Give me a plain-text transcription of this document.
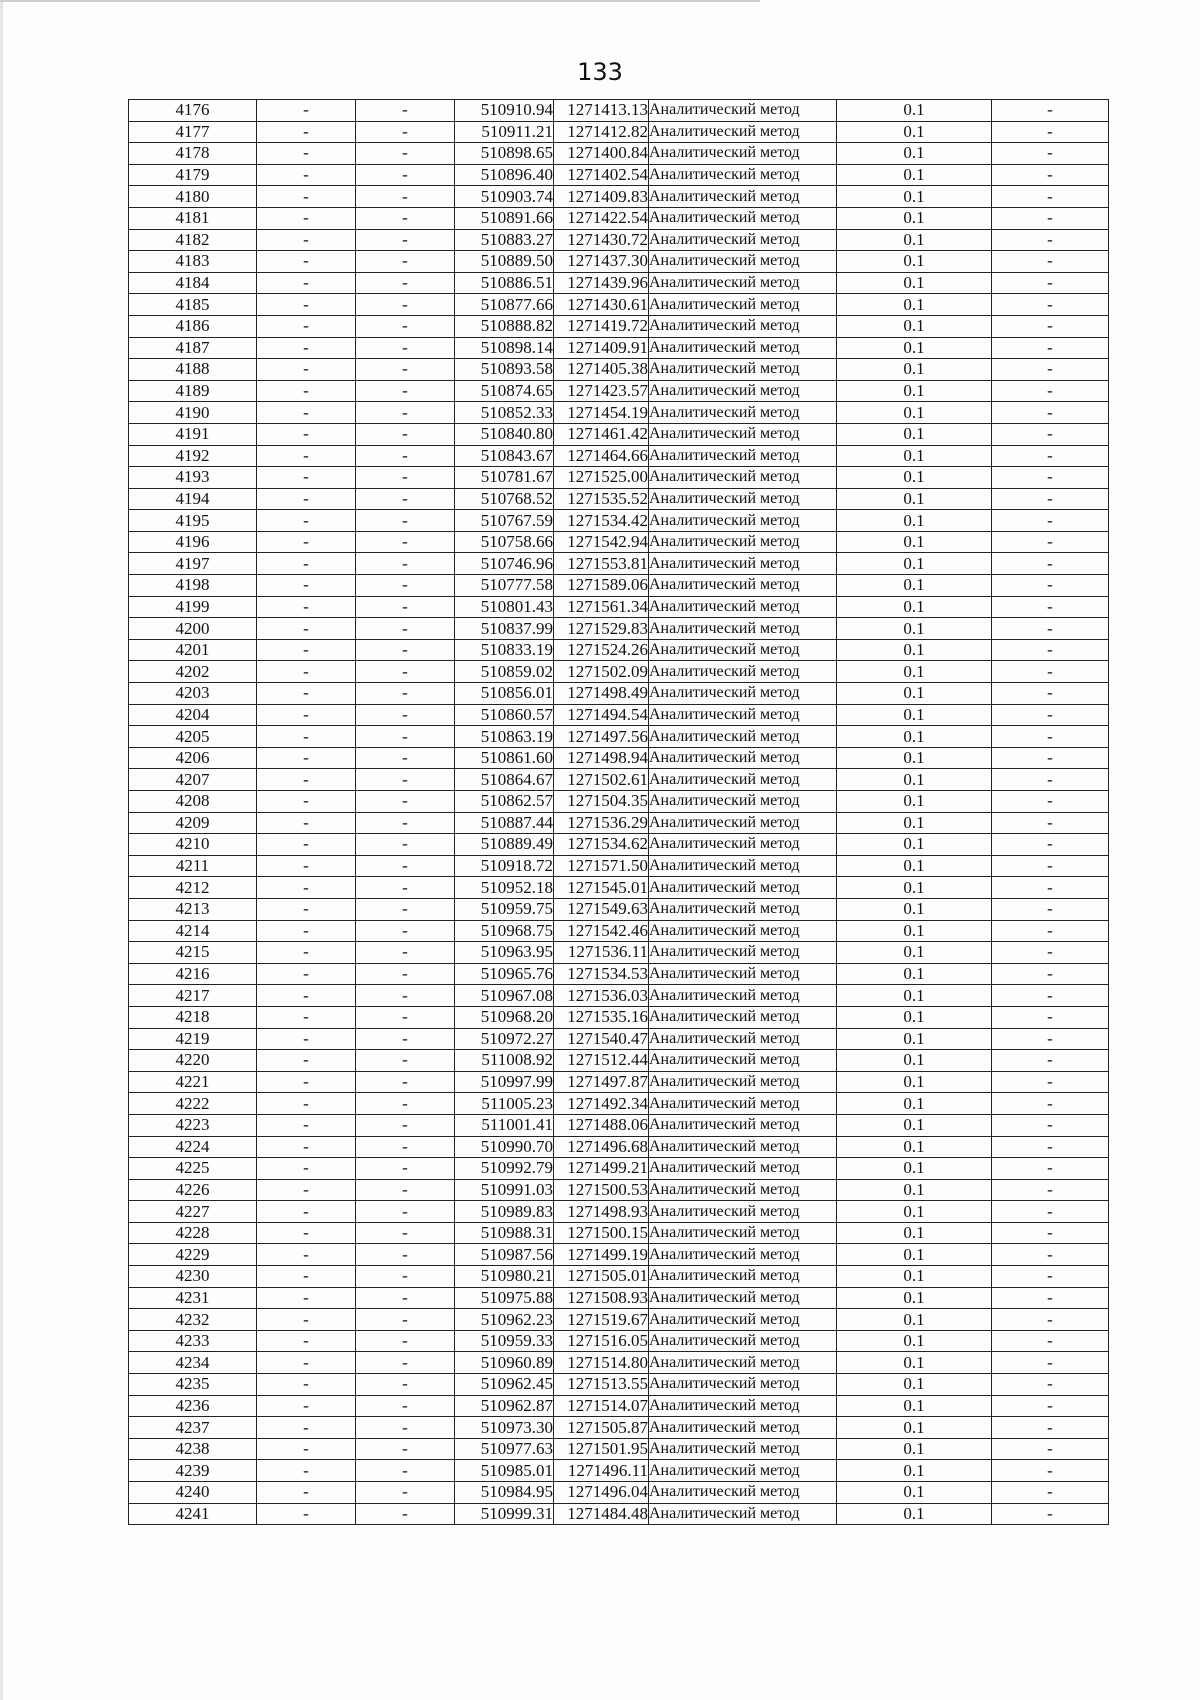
133
4176	-	-	510910.94	1271413.13	Аналитический метод	0.1	-
4177	-	-	510911.21	1271412.82	Аналитический метод	0.1	-
4178	-	-	510898.65	1271400.84	Аналитический метод	0.1	-
4179	-	-	510896.40	1271402.54	Аналитический метод	0.1	-
4180	-	-	510903.74	1271409.83	Аналитический метод	0.1	-
4181	-	-	510891.66	1271422.54	Аналитический метод	0.1	-
4182	-	-	510883.27	1271430.72	Аналитический метод	0.1	-
4183	-	-	510889.50	1271437.30	Аналитический метод	0.1	-
4184	-	-	510886.51	1271439.96	Аналитический метод	0.1	-
4185	-	-	510877.66	1271430.61	Аналитический метод	0.1	-
4186	-	-	510888.82	1271419.72	Аналитический метод	0.1	-
4187	-	-	510898.14	1271409.91	Аналитический метод	0.1	-
4188	-	-	510893.58	1271405.38	Аналитический метод	0.1	-
4189	-	-	510874.65	1271423.57	Аналитический метод	0.1	-
4190	-	-	510852.33	1271454.19	Аналитический метод	0.1	-
4191	-	-	510840.80	1271461.42	Аналитический метод	0.1	-
4192	-	-	510843.67	1271464.66	Аналитический метод	0.1	-
4193	-	-	510781.67	1271525.00	Аналитический метод	0.1	-
4194	-	-	510768.52	1271535.52	Аналитический метод	0.1	-
4195	-	-	510767.59	1271534.42	Аналитический метод	0.1	-
4196	-	-	510758.66	1271542.94	Аналитический метод	0.1	-
4197	-	-	510746.96	1271553.81	Аналитический метод	0.1	-
4198	-	-	510777.58	1271589.06	Аналитический метод	0.1	-
4199	-	-	510801.43	1271561.34	Аналитический метод	0.1	-
4200	-	-	510837.99	1271529.83	Аналитический метод	0.1	-
4201	-	-	510833.19	1271524.26	Аналитический метод	0.1	-
4202	-	-	510859.02	1271502.09	Аналитический метод	0.1	-
4203	-	-	510856.01	1271498.49	Аналитический метод	0.1	-
4204	-	-	510860.57	1271494.54	Аналитический метод	0.1	-
4205	-	-	510863.19	1271497.56	Аналитический метод	0.1	-
4206	-	-	510861.60	1271498.94	Аналитический метод	0.1	-
4207	-	-	510864.67	1271502.61	Аналитический метод	0.1	-
4208	-	-	510862.57	1271504.35	Аналитический метод	0.1	-
4209	-	-	510887.44	1271536.29	Аналитический метод	0.1	-
4210	-	-	510889.49	1271534.62	Аналитический метод	0.1	-
4211	-	-	510918.72	1271571.50	Аналитический метод	0.1	-
4212	-	-	510952.18	1271545.01	Аналитический метод	0.1	-
4213	-	-	510959.75	1271549.63	Аналитический метод	0.1	-
4214	-	-	510968.75	1271542.46	Аналитический метод	0.1	-
4215	-	-	510963.95	1271536.11	Аналитический метод	0.1	-
4216	-	-	510965.76	1271534.53	Аналитический метод	0.1	-
4217	-	-	510967.08	1271536.03	Аналитический метод	0.1	-
4218	-	-	510968.20	1271535.16	Аналитический метод	0.1	-
4219	-	-	510972.27	1271540.47	Аналитический метод	0.1	-
4220	-	-	511008.92	1271512.44	Аналитический метод	0.1	-
4221	-	-	510997.99	1271497.87	Аналитический метод	0.1	-
4222	-	-	511005.23	1271492.34	Аналитический метод	0.1	-
4223	-	-	511001.41	1271488.06	Аналитический метод	0.1	-
4224	-	-	510990.70	1271496.68	Аналитический метод	0.1	-
4225	-	-	510992.79	1271499.21	Аналитический метод	0.1	-
4226	-	-	510991.03	1271500.53	Аналитический метод	0.1	-
4227	-	-	510989.83	1271498.93	Аналитический метод	0.1	-
4228	-	-	510988.31	1271500.15	Аналитический метод	0.1	-
4229	-	-	510987.56	1271499.19	Аналитический метод	0.1	-
4230	-	-	510980.21	1271505.01	Аналитический метод	0.1	-
4231	-	-	510975.88	1271508.93	Аналитический метод	0.1	-
4232	-	-	510962.23	1271519.67	Аналитический метод	0.1	-
4233	-	-	510959.33	1271516.05	Аналитический метод	0.1	-
4234	-	-	510960.89	1271514.80	Аналитический метод	0.1	-
4235	-	-	510962.45	1271513.55	Аналитический метод	0.1	-
4236	-	-	510962.87	1271514.07	Аналитический метод	0.1	-
4237	-	-	510973.30	1271505.87	Аналитический метод	0.1	-
4238	-	-	510977.63	1271501.95	Аналитический метод	0.1	-
4239	-	-	510985.01	1271496.11	Аналитический метод	0.1	-
4240	-	-	510984.95	1271496.04	Аналитический метод	0.1	-
4241	-	-	510999.31	1271484.48	Аналитический метод	0.1	-
